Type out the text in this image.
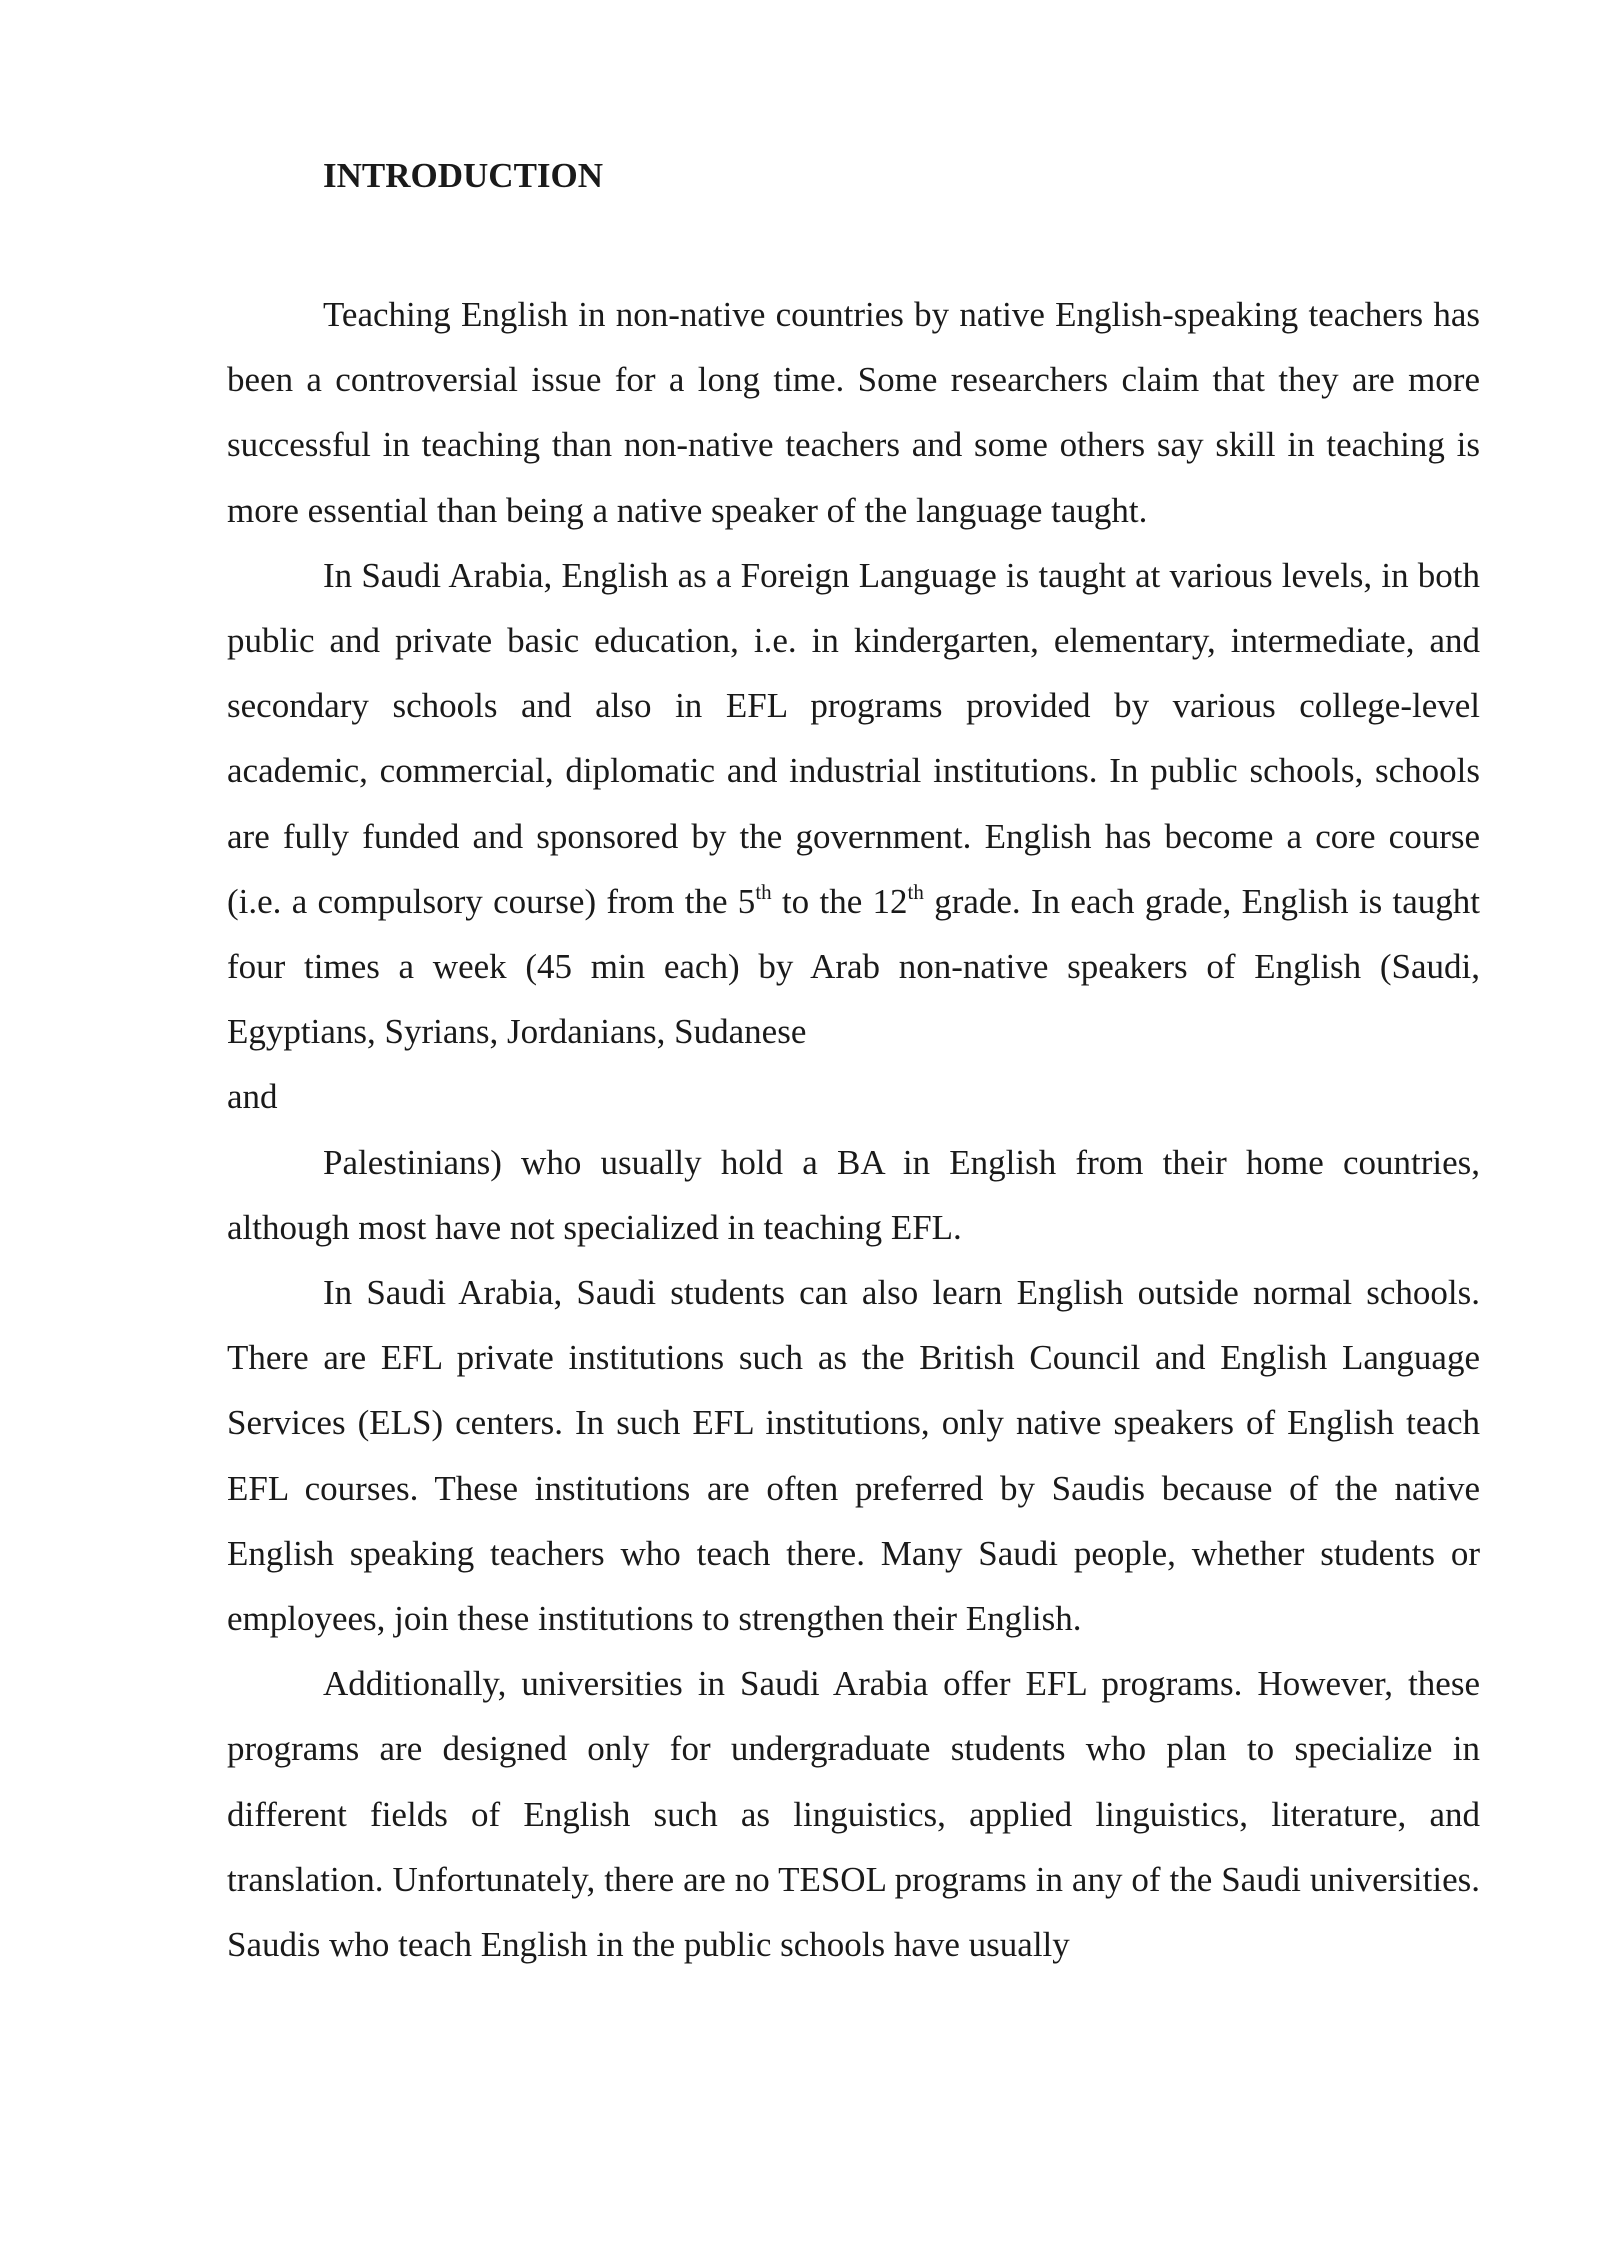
INTRODUCTION

Teaching English in non-native countries by native English-speaking teachers has been a controversial issue for a long time. Some researchers claim that they are more successful in teaching than non-native teachers and some others say skill in teaching is more essential than being a native speaker of the language taught.

In Saudi Arabia, English as a Foreign Language is taught at various levels, in both public and private basic education, i.e. in kindergarten, elementary, intermediate, and secondary schools and also in EFL programs provided by various college-level academic, commercial, diplomatic and industrial institutions. In public schools, schools are fully funded and sponsored by the government. English has become a core course (i.e. a compulsory course) from the 5th to the 12th grade. In each grade, English is taught four times a week (45 min each) by Arab non-native speakers of English (Saudi, Egyptians, Syrians, Jordanians, Sudanese
and

Palestinians) who usually hold a BA in English from their home countries, although most have not specialized in teaching EFL.

In Saudi Arabia, Saudi students can also learn English outside normal schools. There are EFL private institutions such as the British Council and English Language Services (ELS) centers. In such EFL institutions, only native speakers of English teach EFL courses. These institutions are often preferred by Saudis because of the native English speaking teachers who teach there. Many Saudi people, whether students or employees, join these institutions to strengthen their English.

Additionally, universities in Saudi Arabia offer EFL programs. However, these programs are designed only for undergraduate students who plan to specialize in different fields of English such as linguistics, applied linguistics, literature, and translation. Unfortunately, there are no TESOL programs in any of the Saudi universities. Saudis who teach English in the public schools have usually
